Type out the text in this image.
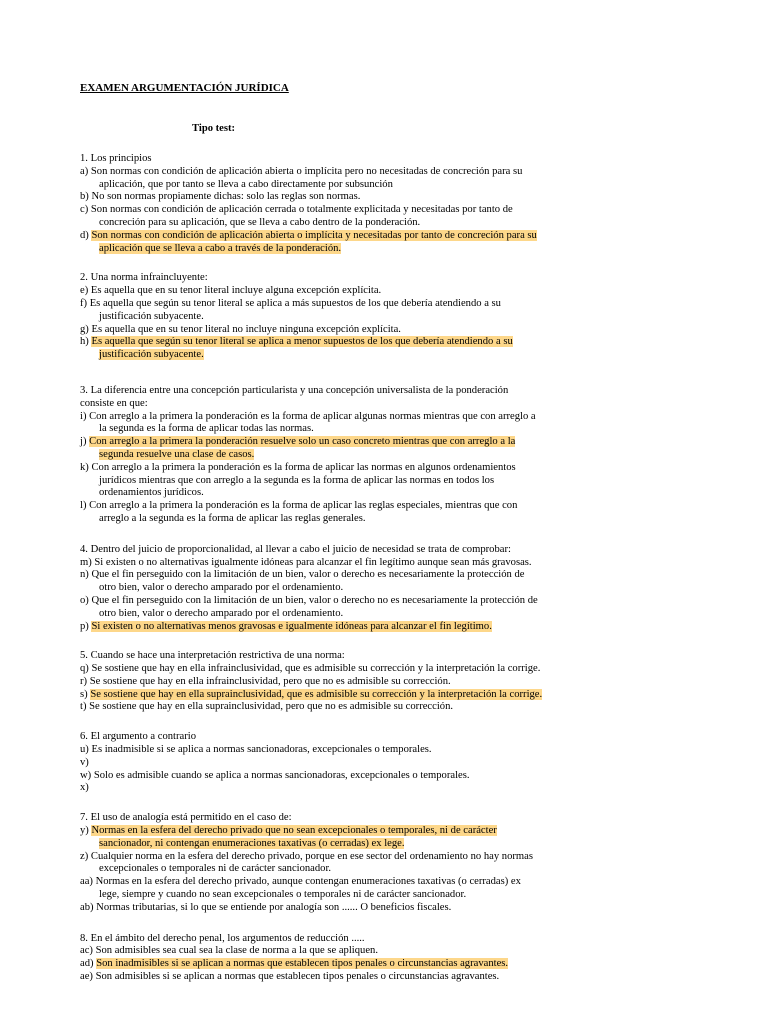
EXAMEN ARGUMENTACIÓN JURÍDICA
Tipo test:
1. Los principios
a) Son normas con condición de aplicación abierta o implícita pero no necesitadas de concreción para su
aplicación, que por tanto se lleva a cabo directamente por subsunción
b) No son normas propiamente dichas: solo las reglas son normas.
c) Son normas con condición de aplicación cerrada o totalmente explicitada y necesitadas por tanto de
concreción para su aplicación, que se lleva a cabo dentro de la ponderación.
d) Son normas con condición de aplicación abierta o implícita y necesitadas por tanto de concreción para su
aplicación que se lleva a cabo a través de la ponderación.
2. Una norma infraincluyente:
e) Es aquella que en su tenor literal incluye alguna excepción explícita.
f) Es aquella que según su tenor literal se aplica a más supuestos de los que debería atendiendo a su
justificación subyacente.
g) Es aquella que en su tenor literal no incluye ninguna excepción explícita.
h) Es aquella que según su tenor literal se aplica a menor supuestos de los que debería atendiendo a su
justificación subyacente.
3. La diferencia entre una concepción particularista y una concepción universalista de la ponderación
consiste en que:
i) Con arreglo a la primera la ponderación es la forma de aplicar algunas normas mientras que con arreglo a
la segunda es la forma de aplicar todas las normas.
j) Con arreglo a la primera la ponderación resuelve solo un caso concreto mientras que con arreglo a la
segunda resuelve una clase de casos.
k) Con arreglo a la primera la ponderación es la forma de aplicar las normas en algunos ordenamientos
jurídicos mientras que con arreglo a la segunda es la forma de aplicar las normas en todos los
ordenamientos jurídicos.
l) Con arreglo a la primera la ponderación es la forma de aplicar las reglas especiales, mientras que con
arreglo a la segunda es la forma de aplicar las reglas generales.
4. Dentro del juicio de proporcionalidad, al llevar a cabo el juicio de necesidad se trata de comprobar:
m) Si existen o no alternativas igualmente idóneas para alcanzar el fin legítimo aunque sean más gravosas.
n) Que el fin perseguido con la limitación de un bien, valor o derecho es necesariamente la protección de
otro bien, valor o derecho amparado por el ordenamiento.
o) Que el fin perseguido con la limitación de un bien, valor o derecho no es necesariamente la protección de
otro bien, valor o derecho amparado por el ordenamiento.
p) Si existen o no alternativas menos gravosas e igualmente idóneas para alcanzar el fin legítimo.
5. Cuando se hace una interpretación restrictiva de una norma:
q) Se sostiene que hay en ella infrainclusividad, que es admisible su corrección y la interpretación la corrige.
r) Se sostiene que hay en ella infrainclusividad, pero que no es admisible su corrección.
s) Se sostiene que hay en ella suprainclusividad, que es admisible su corrección y la interpretación la corrige.
t) Se sostiene que hay en ella suprainclusividad, pero que no es admisible su corrección.
6. El argumento a contrario
u) Es inadmisible si se aplica a normas sancionadoras, excepcionales o temporales.
v)
w) Solo es admisible cuando se aplica a normas sancionadoras, excepcionales o temporales.
x)
7. El uso de analogía está permitido en el caso de:
y) Normas en la esfera del derecho privado que no sean excepcionales o temporales, ni de carácter
sancionador, ni contengan enumeraciones taxativas (o cerradas) ex lege.
z) Cualquier norma en la esfera del derecho privado, porque en ese sector del ordenamiento no hay normas
excepcionales o temporales ni de carácter sancionador.
aa) Normas en la esfera del derecho privado, aunque contengan enumeraciones taxativas (o cerradas) ex
lege, siempre y cuando no sean excepcionales o temporales ni de carácter sancionador.
ab) Normas tributarias, si lo que se entiende por analogía son ...... O beneficios fiscales.
8. En el ámbito del derecho penal, los argumentos de reducción .....
ac) Son admisibles sea cual sea la clase de norma a la que se apliquen.
ad) Son inadmisibles si se aplican a normas que establecen tipos penales o circunstancias agravantes.
ae) Son admisibles si se aplican a normas que establecen tipos penales o circunstancias agravantes.
